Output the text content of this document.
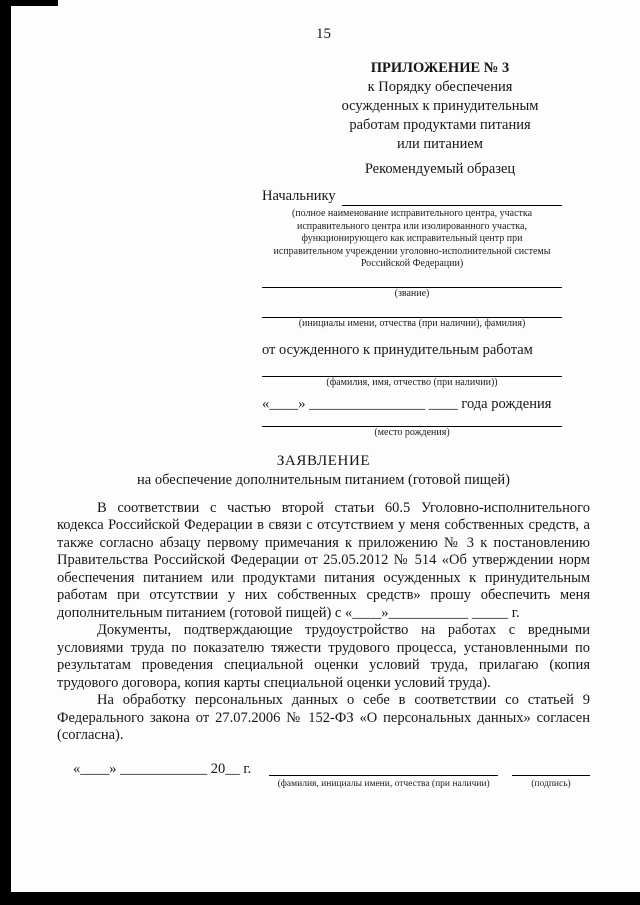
15
ПРИЛОЖЕНИЕ № 3
к Порядку обеспечения
осужденных к принудительным
работам продуктами питания
или питанием
Рекомендуемый образец
Начальнику
(полное наименование исправительного центра, участка исправительного центра или изолированного участка, функционирующего как исправительный центр при исправительном учреждении уголовно-исполнительной системы Российской Федерации)
(звание)
(инициалы имени, отчества (при наличии), фамилия)
от осужденного к принудительным работам
(фамилия, имя, отчество (при наличии))
«____» ________________ ____ года рождения
(место рождения)
ЗАЯВЛЕНИЕ
на обеспечение дополнительным питанием (готовой пищей)

В соответствии с частью второй статьи 60.5 Уголовно-исполнительного кодекса Российской Федерации в связи с отсутствием у меня собственных средств, а также согласно абзацу первому примечания к приложению № 3 к постановлению Правительства Российской Федерации от 25.05.2012 № 514 «Об утверждении норм обеспечения питанием или продуктами питания осужденных к принудительным работам при отсутствии у них собственных средств» прошу обеспечить меня дополнительным питанием (готовой пищей) с «____»___________ _____ г.

Документы, подтверждающие трудоустройство на работах с вредными условиями труда по показателю тяжести трудового процесса, установленными по результатам проведения специальной оценки условий труда, прилагаю (копия трудового договора, копия карты специальной оценки условий труда).

На обработку персональных данных о себе в соответствии со статьей 9 Федерального закона от 27.07.2006 № 152-ФЗ «О персональных данных» согласен (согласна).

«____» ____________ 20__ г.
(фамилия, инициалы имени, отчества (при наличии)	(подпись)
